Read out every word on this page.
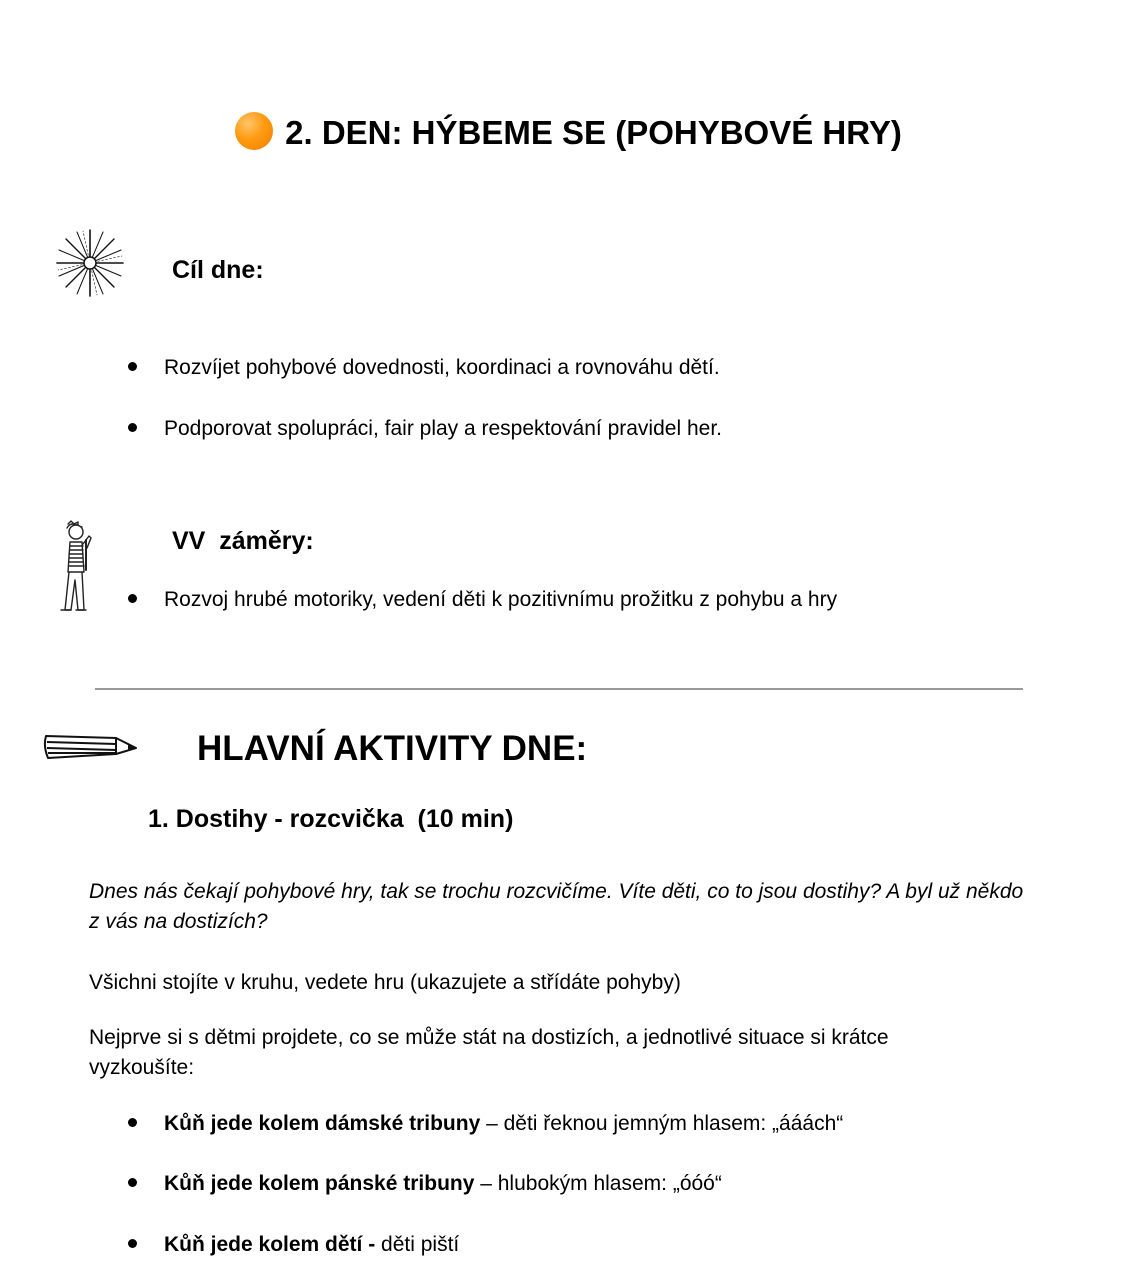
2. DEN: HÝBEME SE (POHYBOVÉ HRY)
Cíl dne:
Rozvíjet pohybové dovednosti, koordinaci a rovnováhu dětí.
Podporovat spolupráci, fair play a respektování pravidel her.
VV  záměry:
Rozvoj hrubé motoriky, vedení děti k pozitivnímu prožitku z pohybu a hry
HLAVNÍ AKTIVITY DNE:
1. Dostihy - rozcvička  (10 min)
Dnes nás čekají pohybové hry, tak se trochu rozcvičíme. Víte děti, co to jsou dostihy? A byl už někdo z vás na dostizích?
Všichni stojíte v kruhu, vedete hru (ukazujete a střídáte pohyby)
Nejprve si s dětmi projdete, co se může stát na dostizích, a jednotlivé situace si krátce vyzkoušíte:
Kůň jede kolem dámské tribuny – děti řeknou jemným hlasem: „ááách“
Kůň jede kolem pánské tribuny – hlubokým hlasem: „óóó“
Kůň jede kolem dětí - děti piští
